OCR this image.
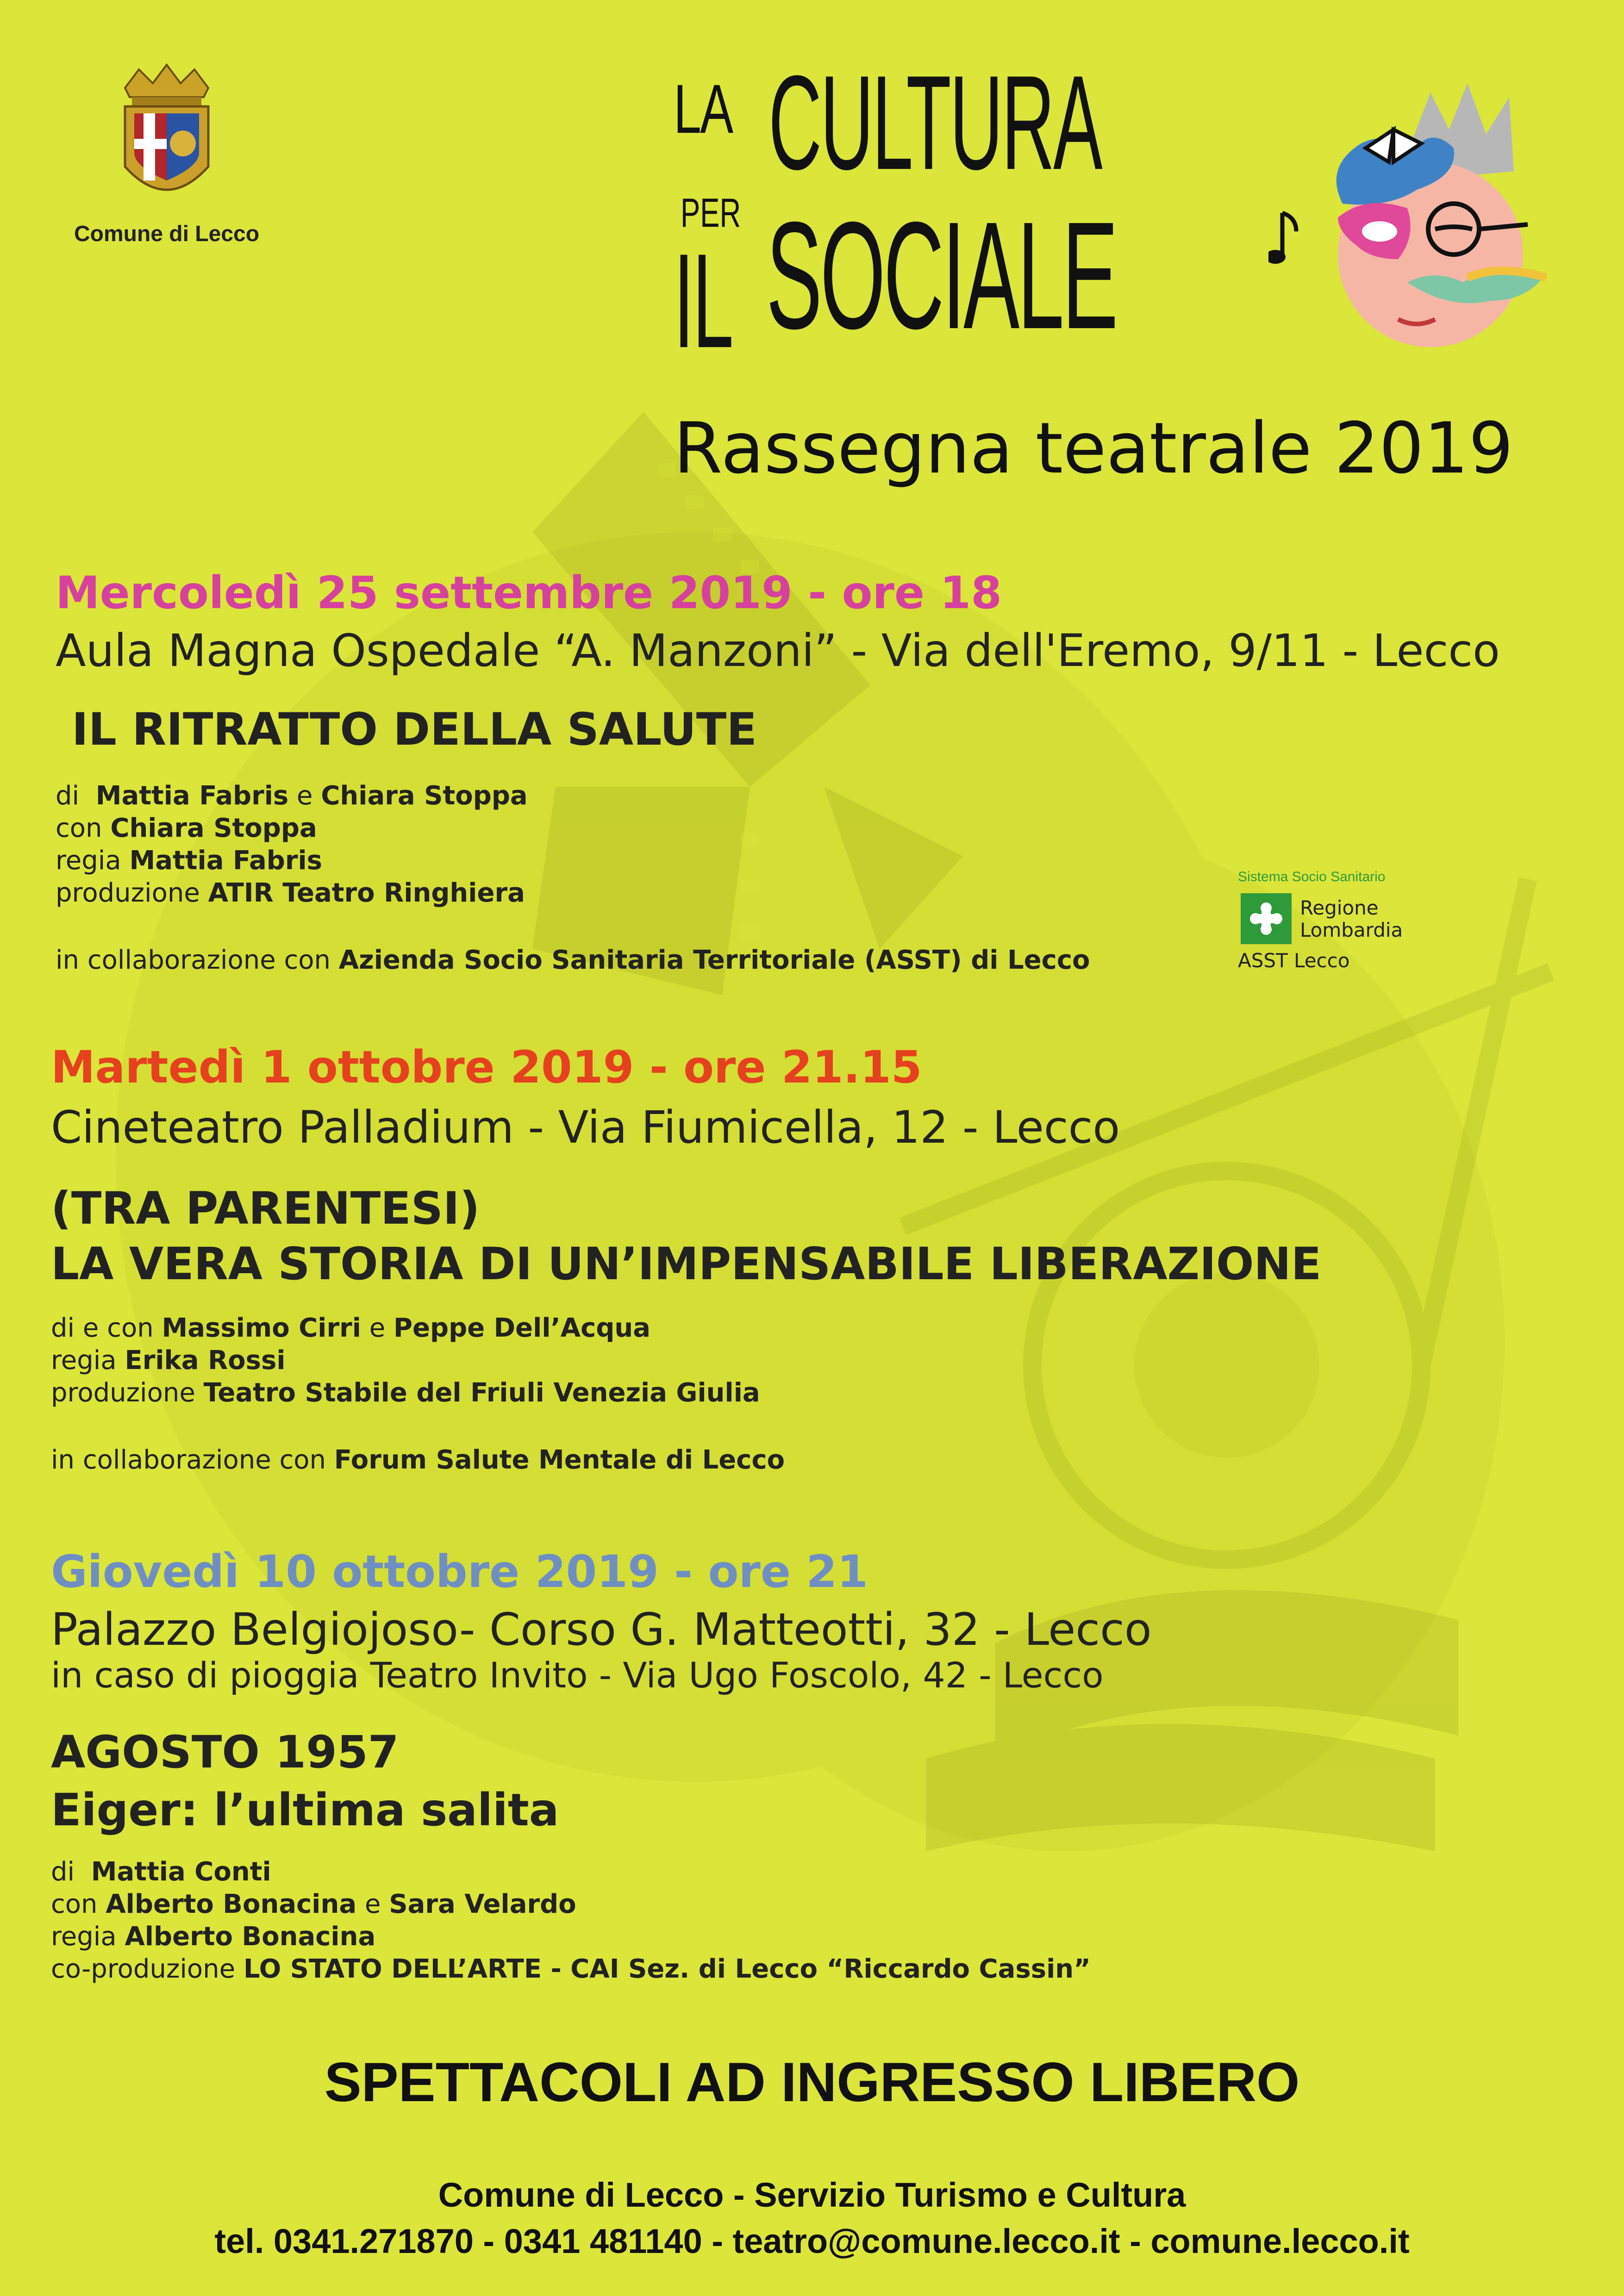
Comune di Lecco
LA
PER
CULTURA
IL SOCIALE
Rassegna teatrale 2019
Mercoledì 25 settembre 2019 - ore 18
Aula Magna Ospedale “A. Manzoni” - Via dell'Eremo, 9/11 - Lecco
IL RITRATTO DELLA SALUTE
di  Mattia Fabris e Chiara Stoppa
con Chiara Stoppa
regia Mattia Fabris
produzione ATIR Teatro Ringhiera
in collaborazione con Azienda Socio Sanitaria Territoriale (ASST) di Lecco
Sistema Socio Sanitario
Regione
Lombardia
ASST Lecco
Martedì 1 ottobre 2019 - ore 21.15
Cineteatro Palladium - Via Fiumicella, 12 - Lecco
(TRA PARENTESI)
LA VERA STORIA DI UN’IMPENSABILE LIBERAZIONE
di e con Massimo Cirri e Peppe Dell’Acqua
regia Erika Rossi
produzione Teatro Stabile del Friuli Venezia Giulia
in collaborazione con Forum Salute Mentale di Lecco
Giovedì 10 ottobre 2019 - ore 21
Palazzo Belgiojoso- Corso G. Matteotti, 32 - Lecco
in caso di pioggia Teatro Invito - Via Ugo Foscolo, 42 - Lecco
AGOSTO 1957
Eiger: l’ultima salita
di  Mattia Conti
con Alberto Bonacina e Sara Velardo
regia Alberto Bonacina
co-produzione LO STATO DELL’ARTE - CAI Sez. di Lecco “Riccardo Cassin”
SPETTACOLI AD INGRESSO LIBERO
Comune di Lecco - Servizio Turismo e Cultura
tel. 0341.271870 - 0341 481140 - teatro@comune.lecco.it - comune.lecco.it
